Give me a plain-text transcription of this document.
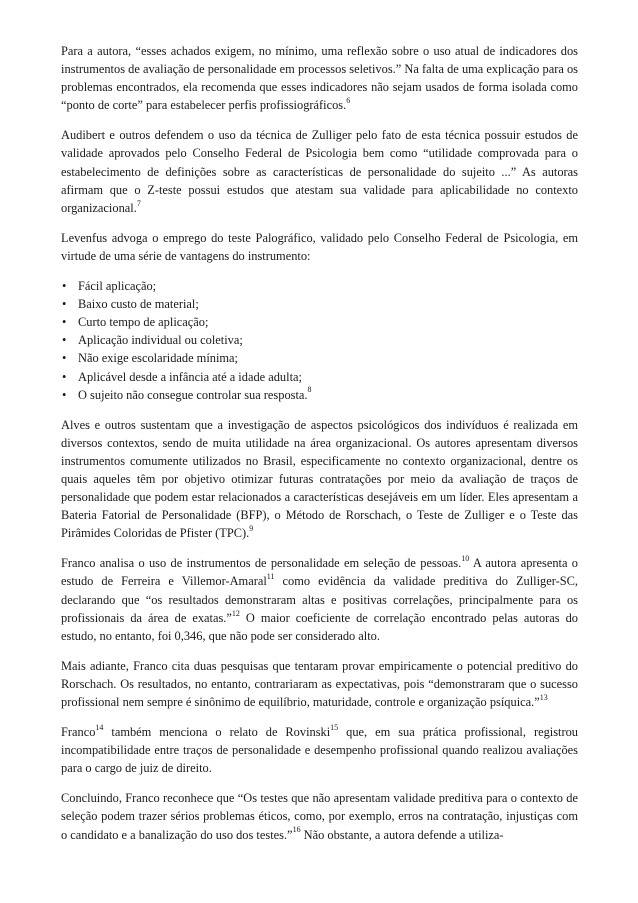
Para a autora, “esses achados exigem, no mínimo, uma reflexão sobre o uso atual de indicadores dos instrumentos de avaliação de personalidade em processos seletivos.” Na falta de uma explicação para os problemas encontrados, ela recomenda que esses indicadores não sejam usados de forma isolada como “ponto de corte” para estabelecer perfis profissiográficos.$^6$

Audibert e outros defendem o uso da técnica de Zulliger pelo fato de esta técnica possuir estudos de validade aprovados pelo Conselho Federal de Psicologia bem como “utilidade comprovada para o estabelecimento de definições sobre as características de personalidade do sujeito ...” As autoras afirmam que o Z-teste possui estudos que atestam sua validade para aplicabilidade no contexto organizacional.$^7$

Levenfus advoga o emprego do teste Palográfico, validado pelo Conselho Federal de Psicologia, em virtude de uma série de vantagens do instrumento:

• Fácil aplicação;
• Baixo custo de material;
• Curto tempo de aplicação;
• Aplicação individual ou coletiva;
• Não exige escolaridade mínima;
• Aplicável desde a infância até a idade adulta;
• O sujeito não consegue controlar sua resposta.$^8$

Alves e outros sustentam que a investigação de aspectos psicológicos dos indivíduos é realizada em diversos contextos, sendo de muita utilidade na área organizacional. Os autores apresentam diversos instrumentos comumente utilizados no Brasil, especificamente no contexto organizacional, dentre os quais aqueles têm por objetivo otimizar futuras contratações por meio da avaliação de traços de personalidade que podem estar relacionados a características desejáveis em um líder. Eles apresentam a Bateria Fatorial de Personalidade (BFP), o Método de Rorschach, o Teste de Zulliger e o Teste das Pirâmides Coloridas de Pfister (TPC).$^9$

Franco analisa o uso de instrumentos de personalidade em seleção de pessoas.$^{10}$ A autora apresenta o estudo de Ferreira e Villemor-Amaral$^{11}$ como evidência da validade preditiva do Zulliger-SC, declarando que “os resultados demonstraram altas e positivas correlações, principalmente para os profissionais da área de exatas.”$^{12}$ O maior coeficiente de correlação encontrado pelas autoras do estudo, no entanto, foi 0,346, que não pode ser considerado alto.

Mais adiante, Franco cita duas pesquisas que tentaram provar empiricamente o potencial preditivo do Rorschach. Os resultados, no entanto, contrariaram as expectativas, pois “demonstraram que o sucesso profissional nem sempre é sinônimo de equilíbrio, maturidade, controle e organização psíquica.”$^{13}$

Franco$^{14}$ também menciona o relato de Rovinski$^{15}$ que, em sua prática profissional, registrou incompatibilidade entre traços de personalidade e desempenho profissional quando realizou avaliações para o cargo de juiz de direito.

Concluindo, Franco reconhece que “Os testes que não apresentam validade preditiva para o contexto de seleção podem trazer sérios problemas éticos, como, por exemplo, erros na contratação, injustiças com o candidato e a banalização do uso dos testes.”$^{16}$ Não obstante, a autora defende a utiliza-
